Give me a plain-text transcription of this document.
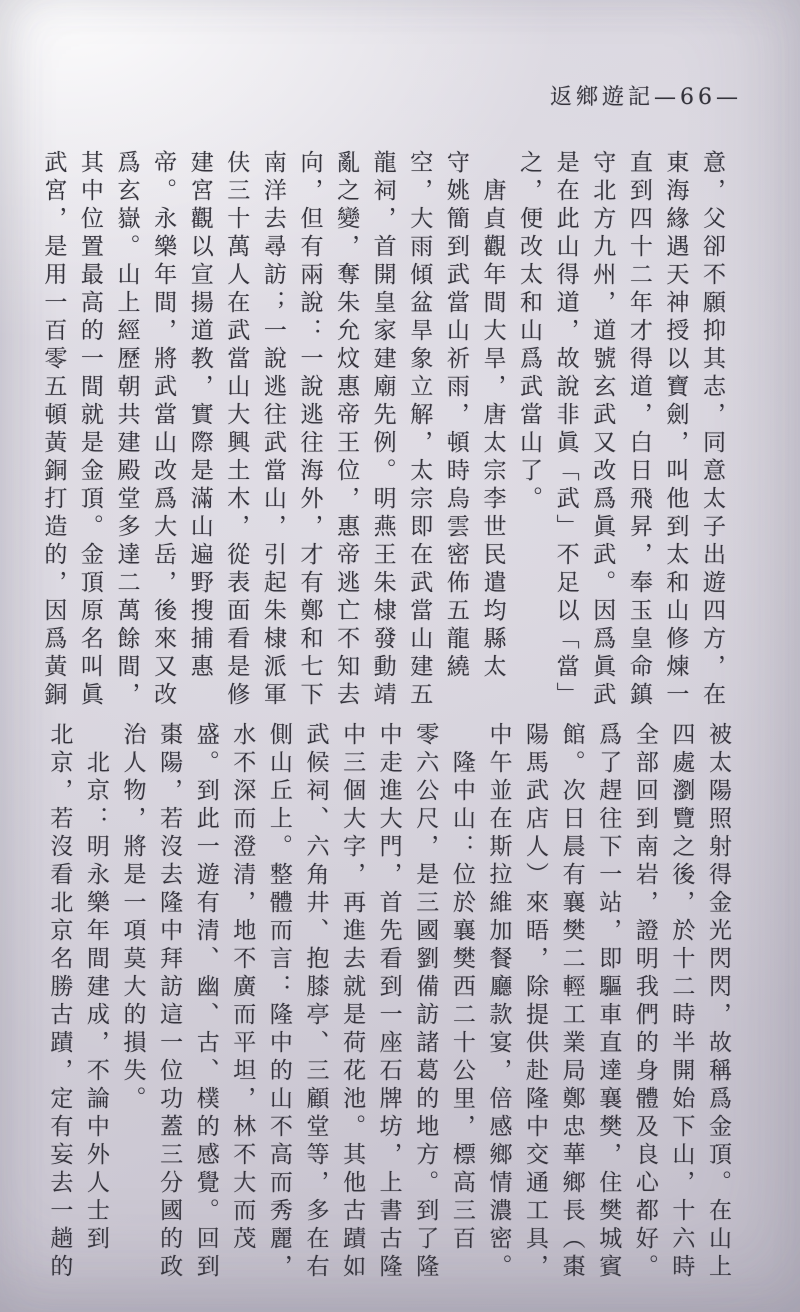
返鄉遊記—66—
意，父卻不願抑其志，同意太子出遊四方，在
東海緣遇天神授以寶劍，叫他到太和山修煉一
直到四十二年才得道，白日飛昇，奉玉皇命鎮
守北方九州，道號玄武又改爲眞武。因爲眞武
是在此山得道，故說非眞「武」不足以「當」
之，便改太和山爲武當山了。
　唐貞觀年間大旱，唐太宗李世民遣均縣太
守姚簡到武當山祈雨，頓時烏雲密佈五龍繞
空，大雨傾盆旱象立解，太宗即在武當山建五
龍祠，首開皇家建廟先例。明燕王朱棣發動靖
亂之變，奪朱允炆惠帝王位，惠帝逃亡不知去
向，但有兩說：一說逃往海外，才有鄭和七下
南洋去尋訪；一說逃往武當山，引起朱棣派軍
伕三十萬人在武當山大興土木，從表面看是修
建宮觀以宣揚道教，實際是滿山遍野搜捕惠
帝。永樂年間，將武當山改爲大岳，後來又改
爲玄嶽。山上經歷朝共建殿堂多達二萬餘間，
其中位置最高的一間就是金頂。金頂原名叫眞
武宮，是用一百零五頓黃銅打造的，因爲黃銅
被太陽照射得金光閃閃，故稱爲金頂。在山上
四處瀏覽之後，於十二時半開始下山，十六時
全部回到南岩，證明我們的身體及良心都好。
爲了趕往下一站，即驅車直達襄樊，住樊城賓
館。次日晨有襄樊二輕工業局鄭忠華鄉長（棗
陽馬武店人）來晤，除提供赴隆中交通工具，
中午並在斯拉維加餐廳款宴，倍感鄉情濃密。
　隆中山：位於襄樊西二十公里，標高三百
零六公尺，是三國劉備訪諸葛的地方。到了隆
中走進大門，首先看到一座石牌坊，上書古隆
中三個大字，再進去就是荷花池。其他古蹟如
武候祠、六角井、抱膝亭、三顧堂等，多在右
側山丘上。整體而言：隆中的山不高而秀麗，
水不深而澄清，地不廣而平坦，林不大而茂
盛。到此一遊有清、幽、古、樸的感覺。回到
棗陽，若沒去隆中拜訪這一位功蓋三分國的政
治人物，將是一項莫大的損失。
　北京：明永樂年間建成，不論中外人士到
北京，若沒看北京名勝古蹟，定有妄去一趟的
